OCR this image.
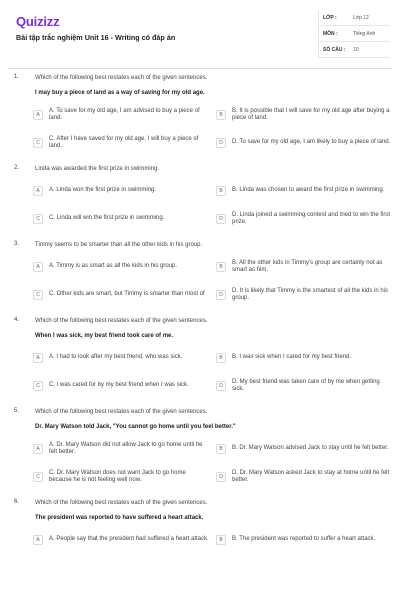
Quizizz
Bài tập trắc nghiệm Unit 16 - Writing có đáp án
LỚP :	Lớp 12
MÔN :	Tiếng Anh
SỐ CÂU :	10
1.	Which of the following best restates each of the given sentences.
I may buy a piece of land as a way of saving for my old age.
A
A. To save for my old age, I am advised to buy a piece of land.	B
B. It is possible that I will save for my old age after buying a piece of land.
C
C. After I have saved for my old age, I will buy a piece of land.	D	D. To save for my old age, I am likely to buy a piece of land.
2.	Linda was awarded the first prize in swimming.
A	A. Linda won the first prize in swimming.	B	B. Linda was chosen to award the first prize in swimming.
C	C. Linda will win the first prize in swimming.	D
D. Linda joined a swimming contest and tried to win the first prize.
3.	Timmy seems to be smarter than all the other kids in his group.
A	A. Timmy is as smart as all the kids in his group.	B
B. All the other kids in Timmy's group are certainly not as smart as him.
C	C. Other kids are smart, but Timmy is smarter than most of	D
D. It is likely that Timmy is the smartest of all the kids in his group.
4.	Which of the following best restates each of the given sentences.
When I was sick, my best friend took care of me.
A	A. I had to look after my best friend, who was sick.	B	B. I was sick when I cared for my best friend.
C	C. I was cared for by my best friend when I was sick.	D
D. My best friend was taken care of by me when getting sick.
5.	Which of the following best restates each of the given sentences.
Dr. Mary Watson told Jack, "You cannot go home until you feel better."
A
A. Dr. Mary Watson did not allow Jack to go home until he felt better.	B	B. Dr. Mary Watson advised Jack to stay until he felt better.
C
C. Dr. Mary Watson does not want Jack to go home because he is not feeling well now.	D
D. Dr. Mary Watson asked Jack to stay at home until he felt better.
6.	Which of the following best restates each of the given sentences.
The president was reported to have suffered a heart attack.
A	A. People say that the president had suffered a heart attack.	B	B. The president was reported to suffer a heart attack.
